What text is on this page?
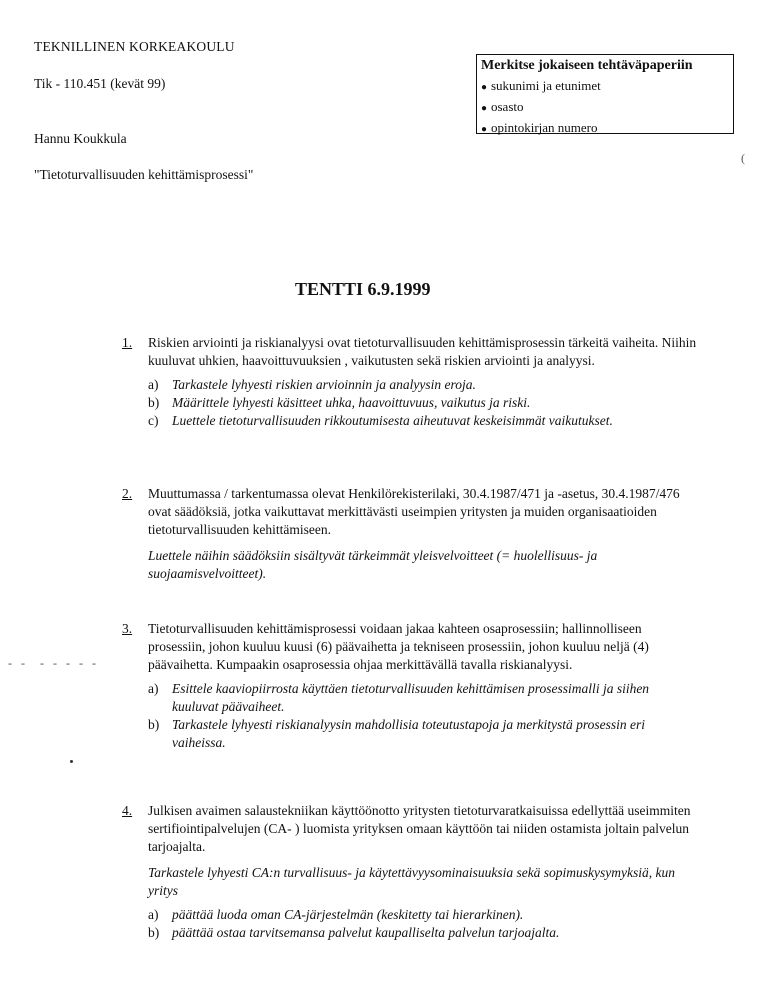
TEKNILLINEN KORKEAKOULU
Tik - 110.451 (kevät 99)
Hannu Koukkula
"Tietoturvallisuuden kehittämisprosessi"
Merkitse jokaiseen tehtäväpaperiin
● sukunimi ja etunimet
● osasto
● opintokirjan numero
TENTTI 6.9.1999
1. Riskien arviointi ja riskianalyysi ovat tietoturvallisuuden kehittämisprosessin tärkeitä vaiheita. Niihin kuuluvat uhkien, haavoittuvuuksien , vaikutusten sekä riskien arviointi ja analyysi.
a) Tarkastele lyhyesti riskien arvioinnin ja analyysin eroja.
b) Määrittele lyhyesti käsitteet uhka, haavoittuvuus, vaikutus ja riski.
c) Luettele tietoturvallisuuden rikkoutumisesta aiheutuvat keskeisimmät vaikutukset.
2. Muuttumassa / tarkentumassa olevat Henkilörekisterilaki, 30.4.1987/471 ja -asetus, 30.4.1987/476 ovat säädöksiä, jotka vaikuttavat merkittävästi useimpien yritysten ja muiden organisaatioiden tietoturvallisuuden kehittämiseen.
Luettele näihin säädöksiin sisältyvät tärkeimmät yleisvelvoitteet (= huolellisuus- ja suojaamisvelvoitteet).
3. Tietoturvallisuuden kehittämisprosessi voidaan jakaa kahteen osaprosessiin; hallinnolliseen prosessiin, johon kuuluu kuusi (6) päävaihetta ja tekniseen prosessiin, johon kuuluu neljä (4) päävaihetta. Kumpaakin osaprosessia ohjaa merkittävällä tavalla riskianalyysi.
a) Esittele kaaviopiirrosta käyttäen tietoturvallisuuden kehittämisen prosessimalli ja siihen kuuluvat päävaiheet.
b) Tarkastele lyhyesti riskianalyysin mahdollisia toteutustapoja ja merkitystä prosessin eri vaiheissa.
4. Julkisen avaimen salaustekniikan käyttöönotto yritysten tietoturvaratkaisuissa edellyttää useimmiten sertifiointipalvelujen (CA- ) luomista yrityksen omaan käyttöön tai niiden ostamista joltain palvelun tarjoajalta.
Tarkastele lyhyesti CA:n turvallisuus- ja käytettävyysominaisuuksia sekä sopimuskysymyksiä, kun yritys
a) päättää luoda oman CA-järjestelmän (keskitetty tai hierarkinen).
b) päättää ostaa tarvitsemansa palvelut kaupalliselta palvelun tarjoajalta.
- -  - - - - -
(
